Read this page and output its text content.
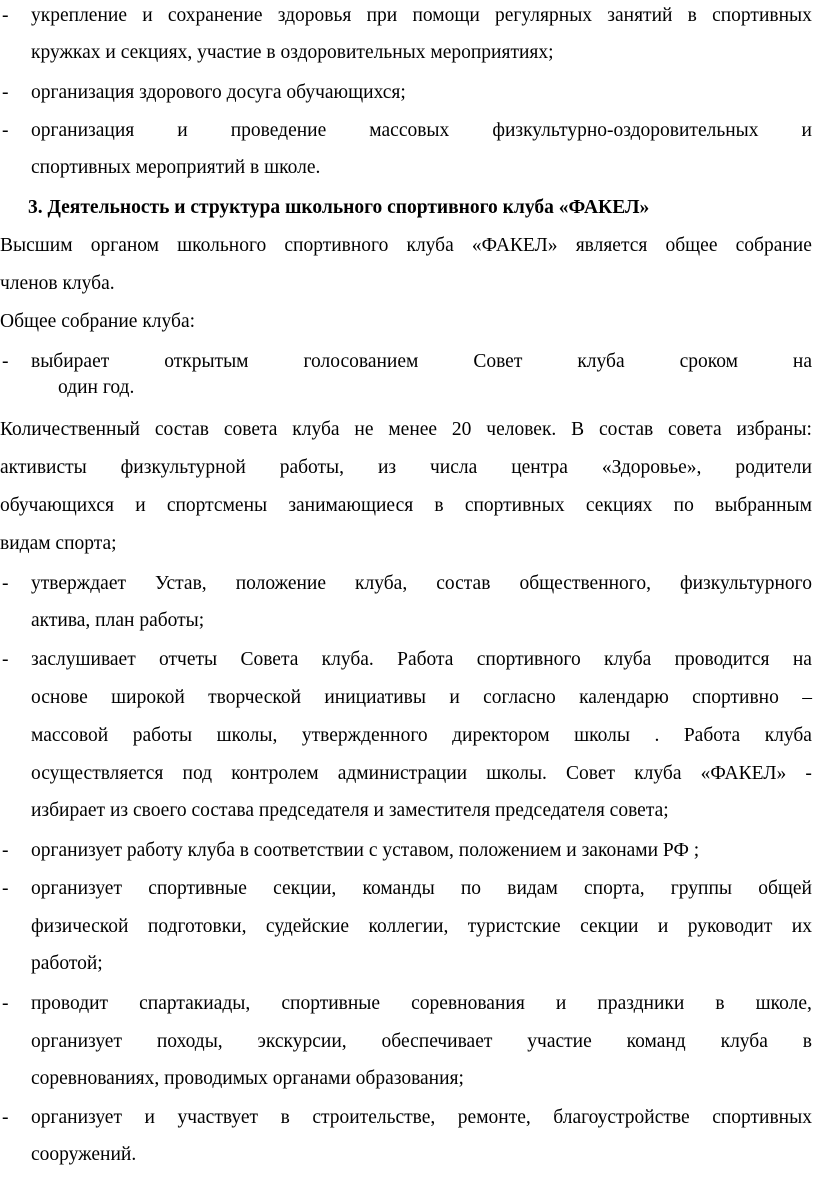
- укрепление и сохранение здоровья при помощи регулярных занятий в спортивных
кружках и секциях, участие в оздоровительных мероприятиях;
- организация здорового досуга обучающихся;
- организация и проведение массовых физкультурно-оздоровительных и
спортивных мероприятий в школе.
3. Деятельность и структура школьного спортивного клуба «ФАКЕЛ»
Высшим органом школьного спортивного клуба «ФАКЕЛ» является общее собрание
членов клуба.
Общее собрание клуба:
- выбирает	открытым	голосованием	Совет	клуба	сроком	на
один год.
Количественный состав совета клуба не менее 20 человек. В состав совета избраны:
активисты физкультурной работы, из числа центра «Здоровье», родители
обучающихся и спортсмены занимающиеся в спортивных секциях по выбранным
видам спорта;
- утверждает Устав, положение клуба, состав общественного, физкультурного
актива, план работы;
- заслушивает отчеты Совета клуба. Работа спортивного клуба проводится на
основе широкой творческой инициативы и согласно календарю спортивно –
массовой работы школы, утвержденного директором школы . Работа клуба
осуществляется под контролем администрации школы. Совет клуба «ФАКЕЛ» -
избирает из своего состава председателя и заместителя председателя совета;
- организует работу клуба в соответствии с уставом, положением и законами РФ ;
- организует спортивные секции, команды по видам спорта, группы общей
физической подготовки, судейские коллегии, туристские секции и руководит их
работой;
- проводит спартакиады, спортивные соревнования и праздники в школе,
организует походы, экскурсии, обеспечивает участие команд клуба в
соревнованиях, проводимых органами образования;
- организует и участвует в строительстве, ремонте, благоустройстве спортивных
сооружений.
